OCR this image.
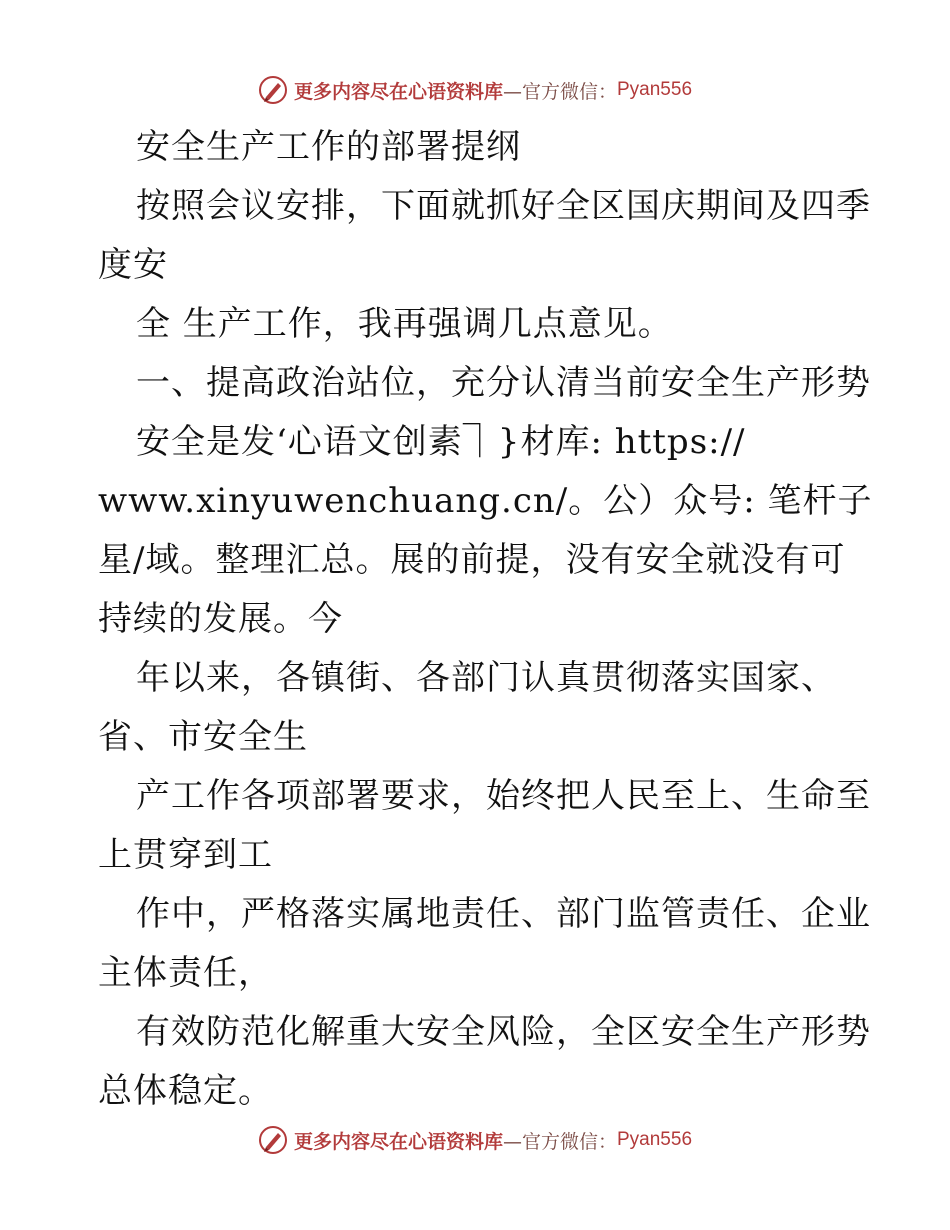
更多内容尽在心语资料库 —官方微信： Pyan556
安全生产工作的部署提纲
按照会议安排，下面就抓好全区国庆期间及四季
度安
全 生产工作，我再强调几点意见。
一、提高政治站位，充分认清当前安全生产形势
安全是发‘心语文创素⏋}材库: https://
www.xinyuwenchuang.cn/。公）众号: 笔杆子
星/域。整理汇总。展的前提，没有安全就没有可
持续的发展。今
年以来，各镇街、各部门认真贯彻落实国家、
省、市安全生
产工作各项部署要求，始终把人民至上、生命至
上贯穿到工
作中，严格落实属地责任、部门监管责任、企业
主体责任，
有效防范化解重大安全风险，全区安全生产形势
总体稳定。
更多内容尽在心语资料库 —官方微信： Pyan556
